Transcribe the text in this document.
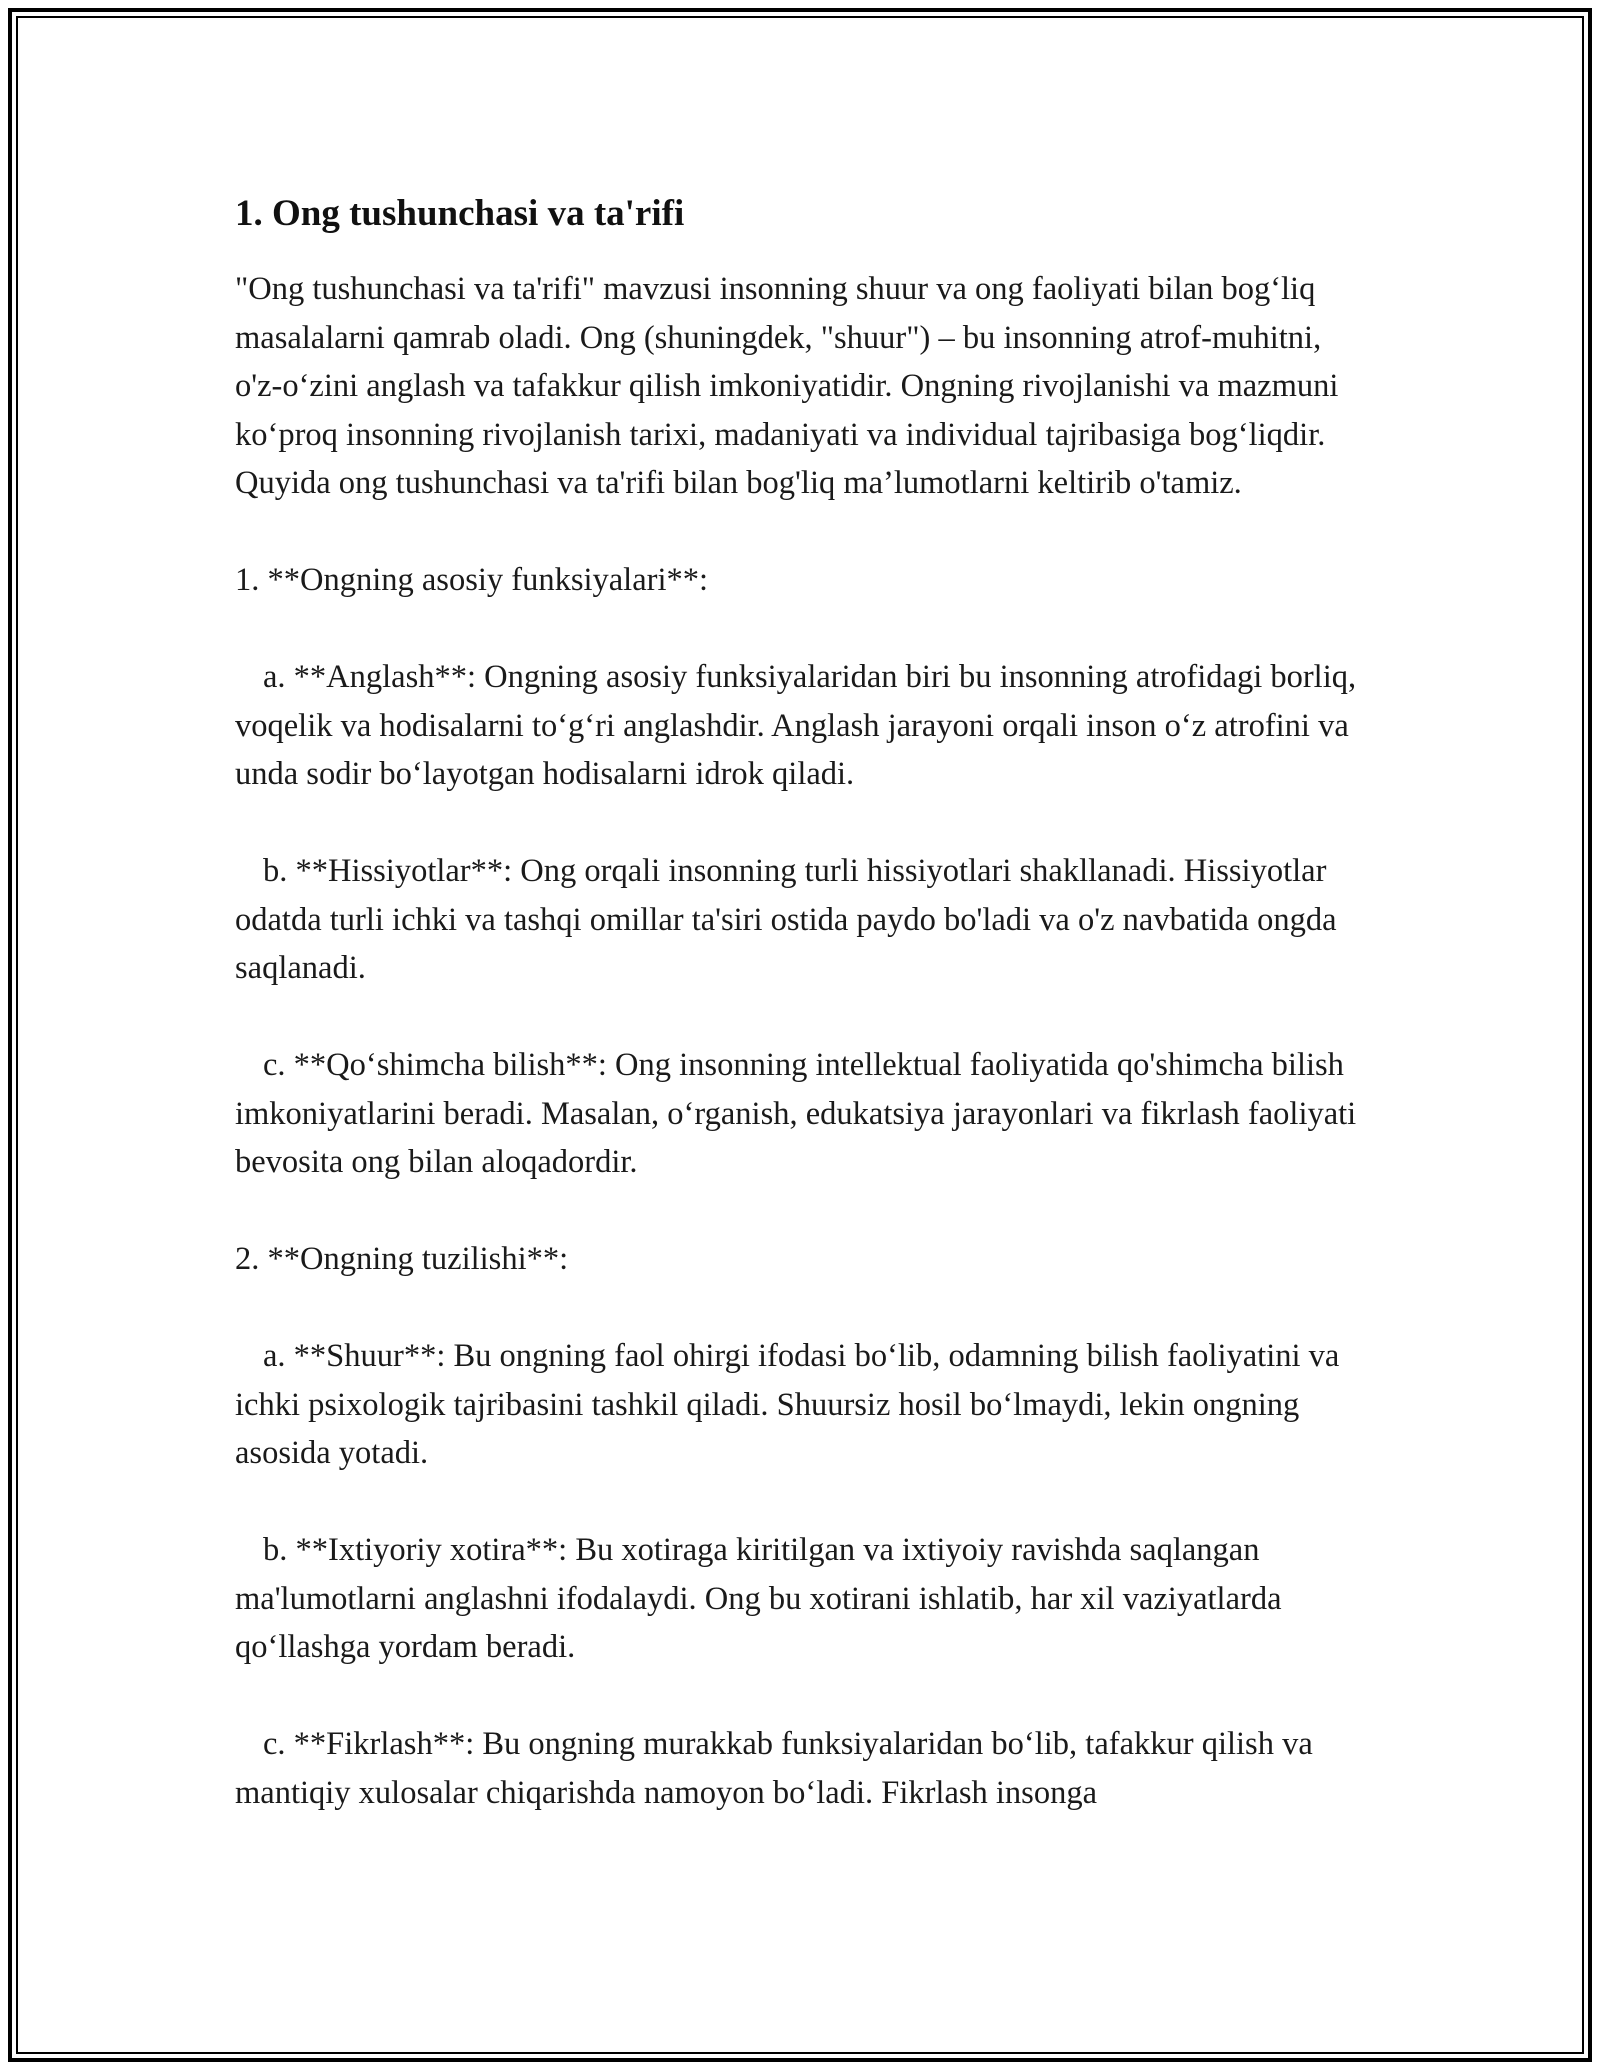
1. Ong tushunchasi va ta'rifi

"Ong tushunchasi va ta'rifi" mavzusi insonning shuur va ong faoliyati bilan bog‘liq masalalarni qamrab oladi. Ong (shuningdek, "shuur") – bu insonning atrof-muhitni, o'z-o‘zini anglash va tafakkur qilish imkoniyatidir. Ongning rivojlanishi va mazmuni ko‘proq insonning rivojlanish tarixi, madaniyati va individual tajribasiga bog‘liqdir. Quyida ong tushunchasi va ta'rifi bilan bog'liq ma’lumotlarni keltirib o'tamiz.

1. **Ongning asosiy funksiyalari**:

a. **Anglash**: Ongning asosiy funksiyalaridan biri bu insonning atrofidagi borliq, voqelik va hodisalarni to‘g‘ri anglashdir. Anglash jarayoni orqali inson o‘z atrofini va unda sodir bo‘layotgan hodisalarni idrok qiladi.

b. **Hissiyotlar**: Ong orqali insonning turli hissiyotlari shakllanadi. Hissiyotlar odatda turli ichki va tashqi omillar ta'siri ostida paydo bo'ladi va o'z navbatida ongda saqlanadi.

c. **Qo‘shimcha bilish**: Ong insonning intellektual faoliyatida qo'shimcha bilish imkoniyatlarini beradi. Masalan, o‘rganish, edukatsiya jarayonlari va fikrlash faoliyati bevosita ong bilan aloqadordir.

2. **Ongning tuzilishi**:

a. **Shuur**: Bu ongning faol ohirgi ifodasi bo‘lib, odamning bilish faoliyatini va ichki psixologik tajribasini tashkil qiladi. Shuursiz hosil bo‘lmaydi, lekin ongning asosida yotadi.

b. **Ixtiyoriy xotira**: Bu xotiraga kiritilgan va ixtiyoiy ravishda saqlangan ma'lumotlarni anglashni ifodalaydi. Ong bu xotirani ishlatib, har xil vaziyatlarda qo‘llashga yordam beradi.

c. **Fikrlash**: Bu ongning murakkab funksiyalaridan bo‘lib, tafakkur qilish va mantiqiy xulosalar chiqarishda namoyon bo‘ladi. Fikrlash insonga
